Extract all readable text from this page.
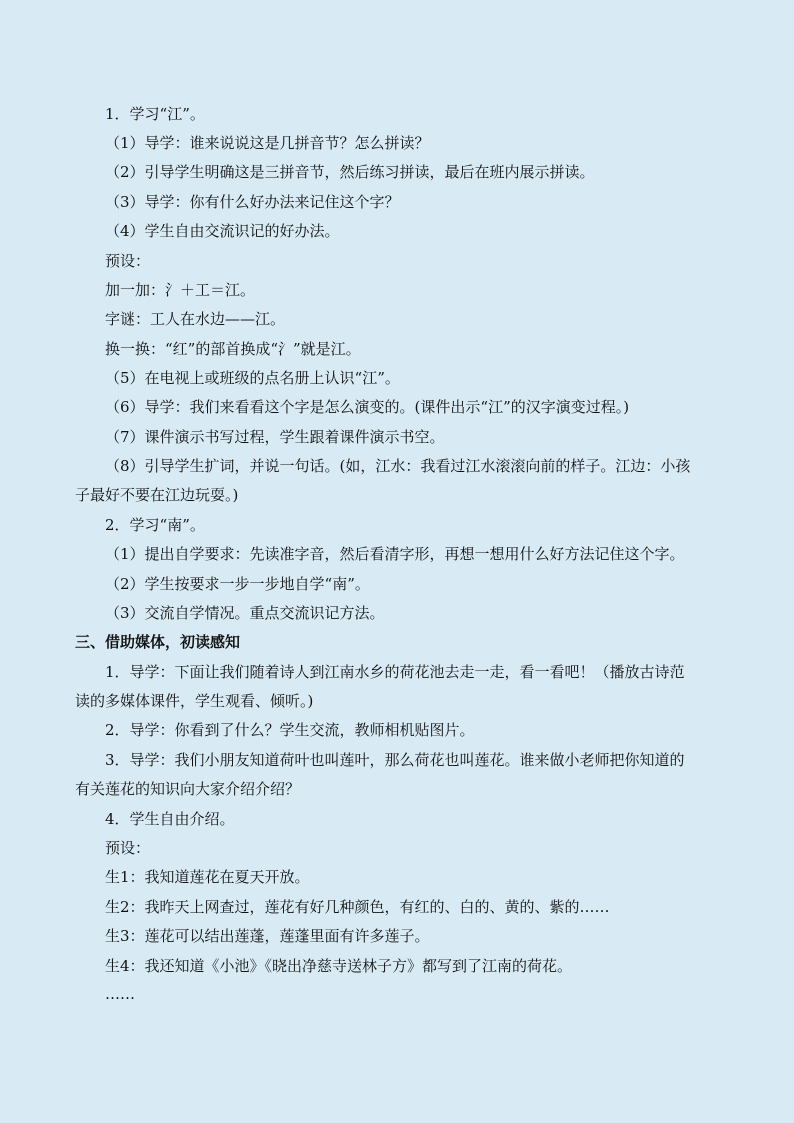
1．学习“江”。
（1）导学：谁来说说这是几拼音节？怎么拼读？
（2）引导学生明确这是三拼音节，然后练习拼读，最后在班内展示拼读。
（3）导学：你有什么好办法来记住这个字？
（4）学生自由交流识记的好办法。
预设：
加一加：氵＋工＝江。
字谜：工人在水边——江。
换一换：“红”的部首换成“氵”就是江。
（5）在电视上或班级的点名册上认识“江”。
（6）导学：我们来看看这个字是怎么演变的。(课件出示“江”的汉字演变过程。)
（7）课件演示书写过程，学生跟着课件演示书空。
（8）引导学生扩词，并说一句话。(如，江水：我看过江水滚滚向前的样子。江边：小孩
子最好不要在江边玩耍。)
2．学习“南”。
（1）提出自学要求：先读准字音，然后看清字形，再想一想用什么好方法记住这个字。
（2）学生按要求一步一步地自学“南”。
（3）交流自学情况。重点交流识记方法。
三、借助媒体，初读感知
1．导学：下面让我们随着诗人到江南水乡的荷花池去走一走，看一看吧！（播放古诗范
读的多媒体课件，学生观看、倾听。)
2．导学：你看到了什么？学生交流，教师相机贴图片。
3．导学：我们小朋友知道荷叶也叫莲叶，那么荷花也叫莲花。谁来做小老师把你知道的
有关莲花的知识向大家介绍介绍？
4．学生自由介绍。
预设：
生1：我知道莲花在夏天开放。
生2：我昨天上网查过，莲花有好几种颜色，有红的、白的、黄的、紫的……
生3：莲花可以结出莲蓬，莲蓬里面有许多莲子。
生4：我还知道《小池》《晓出净慈寺送林子方》都写到了江南的荷花。
……
